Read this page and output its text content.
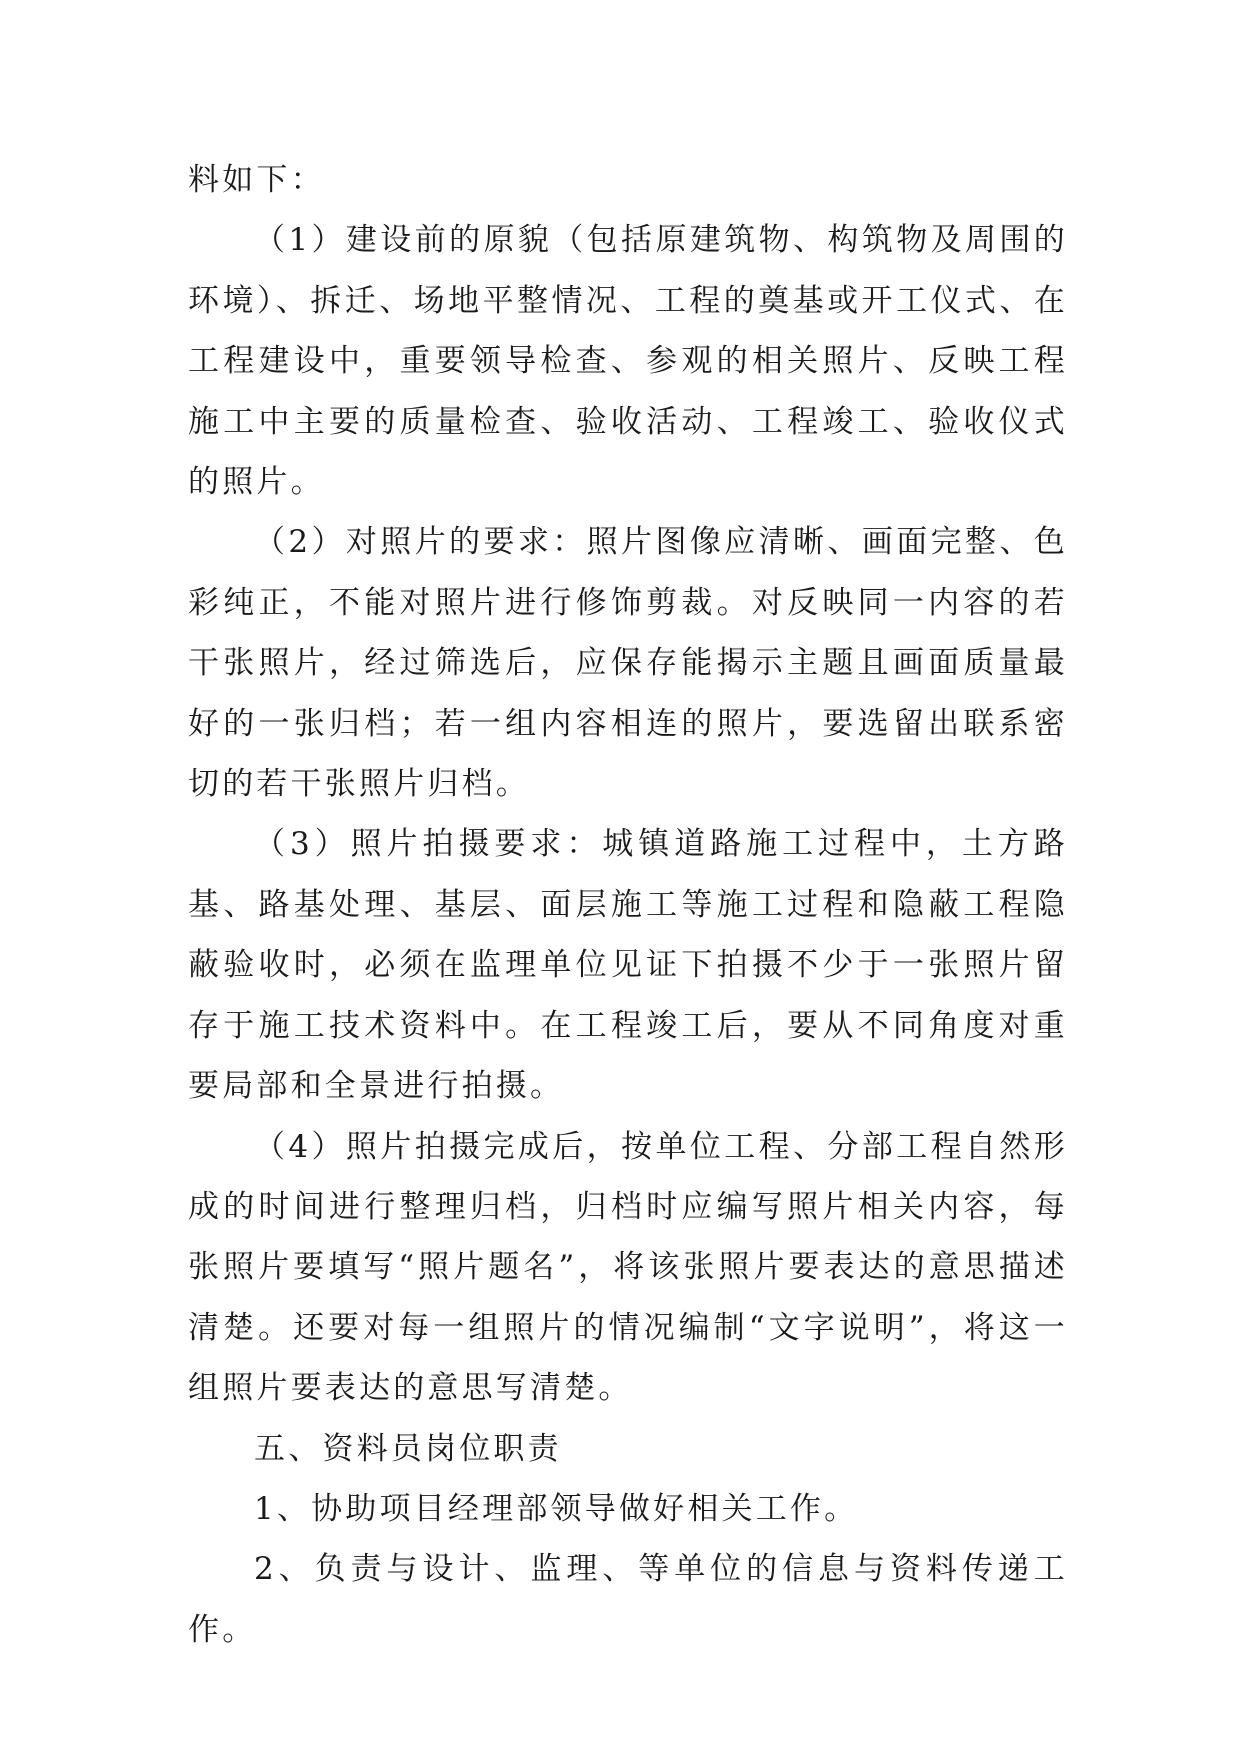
料如下：

（1）建设前的原貌（包括原建筑物、构筑物及周围的环境）、拆迁、场地平整情况、工程的奠基或开工仪式、在工程建设中，重要领导检查、参观的相关照片、反映工程施工中主要的质量检查、验收活动、工程竣工、验收仪式的照片。

（2）对照片的要求：照片图像应清晰、画面完整、色彩纯正，不能对照片进行修饰剪裁。对反映同一内容的若干张照片，经过筛选后，应保存能揭示主题且画面质量最好的一张归档；若一组内容相连的照片，要选留出联系密切的若干张照片归档。

（3）照片拍摄要求：城镇道路施工过程中，土方路基、路基处理、基层、面层施工等施工过程和隐蔽工程隐蔽验收时，必须在监理单位见证下拍摄不少于一张照片留存于施工技术资料中。在工程竣工后，要从不同角度对重要局部和全景进行拍摄。

（4）照片拍摄完成后，按单位工程、分部工程自然形成的时间进行整理归档，归档时应编写照片相关内容，每张照片要填写“照片题名”，将该张照片要表达的意思描述清楚。还要对每一组照片的情况编制“文字说明”，将这一组照片要表达的意思写清楚。

五、资料员岗位职责

1、协助项目经理部领导做好相关工作。

2、负责与设计、监理、等单位的信息与资料传递工作。
